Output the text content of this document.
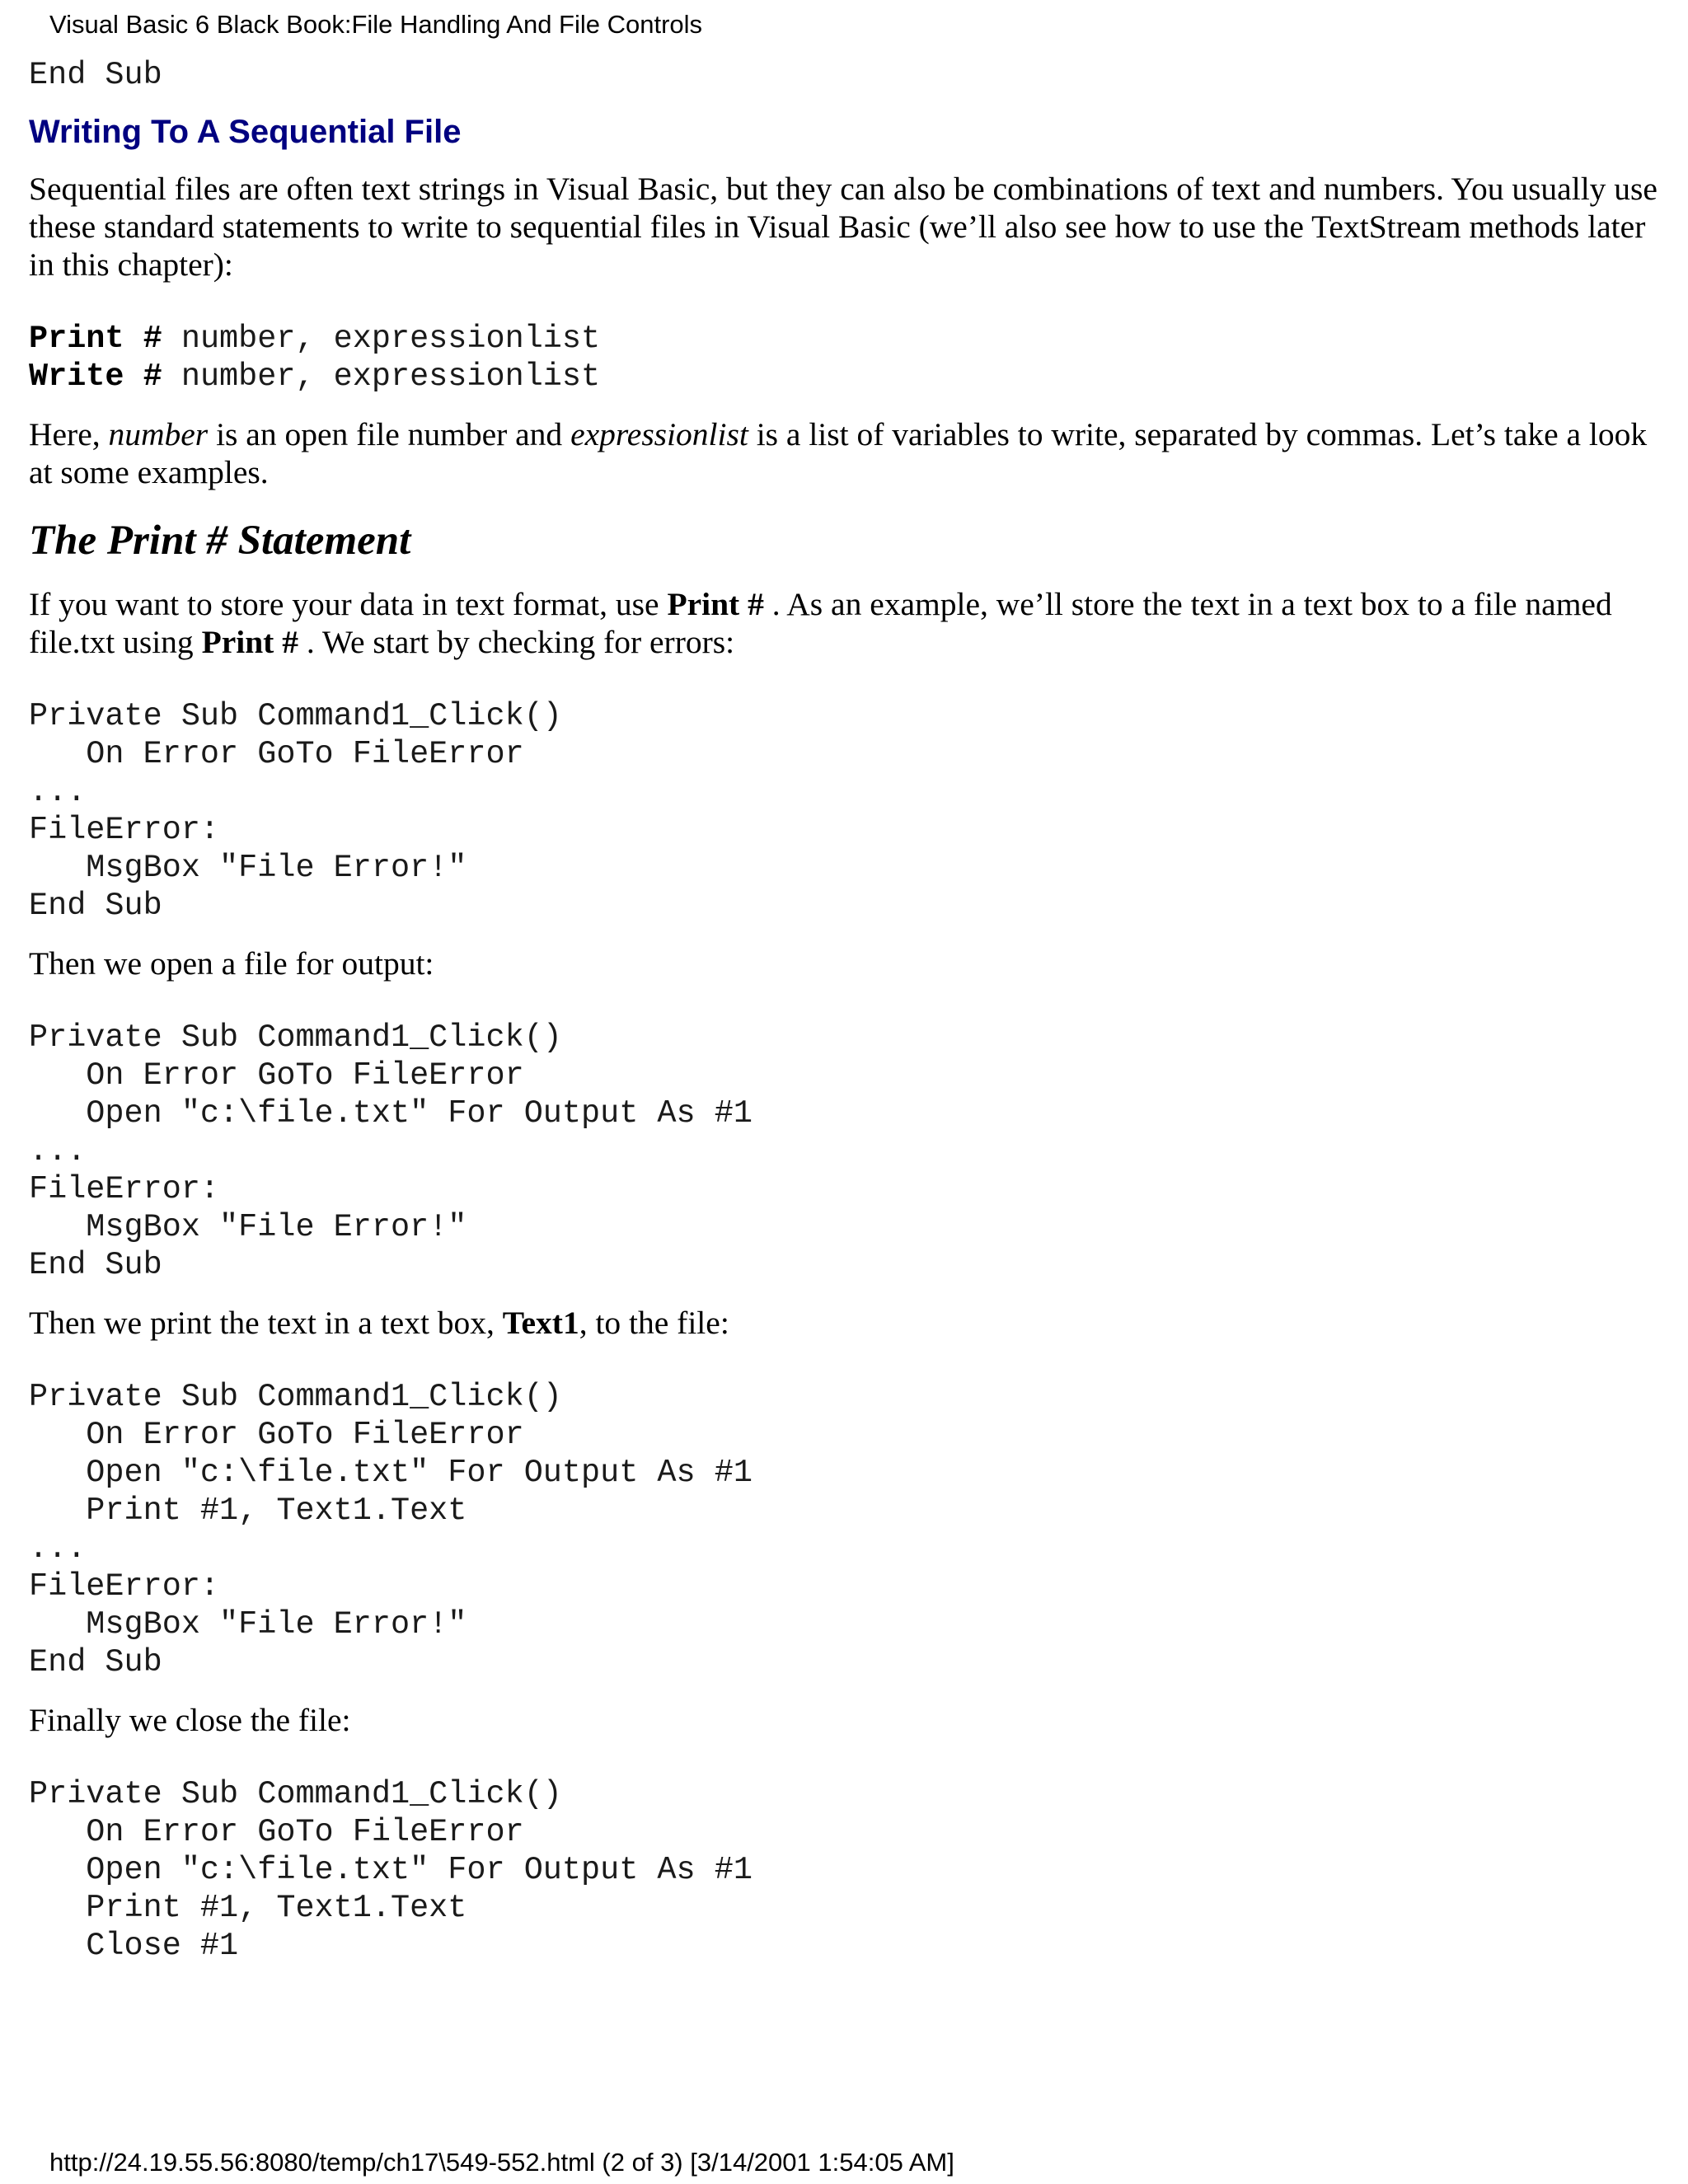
Visual Basic 6 Black Book:File Handling And File Controls
End Sub
Writing To A Sequential File

Sequential files are often text strings in Visual Basic, but they can also be combinations of text and numbers. You usually use these standard statements to write to sequential files in Visual Basic (we’ll also see how to use the TextStream methods later in this chapter):

Print # number, expressionlist
Write # number, expressionlist

Here, number is an open file number and expressionlist is a list of variables to write, separated by commas. Let’s take a look at some examples.

The Print # Statement

If you want to store your data in text format, use Print # . As an example, we’ll store the text in a text box to a file named file.txt using Print # . We start by checking for errors:

Private Sub Command1_Click()
On Error GoTo FileError
...
FileError:
MsgBox "File Error!"
End Sub

Then we open a file for output:

Private Sub Command1_Click()
On Error GoTo FileError
Open "c:\file.txt" For Output As #1
...
FileError:
MsgBox "File Error!"
End Sub

Then we print the text in a text box, Text1, to the file:

Private Sub Command1_Click()
On Error GoTo FileError
Open "c:\file.txt" For Output As #1
Print #1, Text1.Text
...
FileError:
MsgBox "File Error!"
End Sub

Finally we close the file:

Private Sub Command1_Click()
On Error GoTo FileError
Open "c:\file.txt" For Output As #1
Print #1, Text1.Text
Close #1
http://24.19.55.56:8080/temp/ch17\549-552.html (2 of 3) [3/14/2001 1:54:05 AM]
